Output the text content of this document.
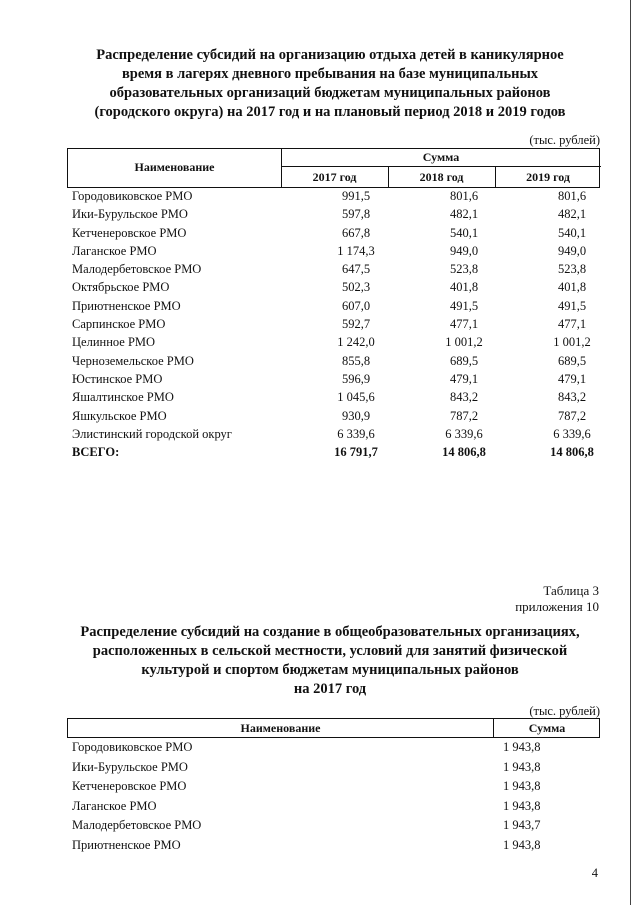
Распределение субсидий на организацию отдыха детей в каникулярное
время в лагерях дневного пребывания на базе муниципальных
образовательных организаций бюджетам муниципальных районов
(городского округа) на 2017 год и на плановый период 2018 и 2019 годов
(тыс. рублей)
Наименование
Сумма
2017 год	2018 год	2019 год
Городовиковское РМО	991,5	801,6	801,6
Ики-Бурульское РМО	597,8	482,1	482,1
Кетченеровское РМО	667,8	540,1	540,1
Лаганское РМО	1 174,3	949,0	949,0
Малодербетовское РМО	647,5	523,8	523,8
Октябрьское РМО	502,3	401,8	401,8
Приютненское РМО	607,0	491,5	491,5
Сарпинское РМО	592,7	477,1	477,1
Целинное РМО	1 242,0	1 001,2	1 001,2
Черноземельское РМО	855,8	689,5	689,5
Юстинское РМО	596,9	479,1	479,1
Яшалтинское РМО	1 045,6	843,2	843,2
Яшкульское РМО	930,9	787,2	787,2
Элистинский городской округ	6 339,6	6 339,6	6 339,6
ВСЕГО:	16 791,7	14 806,8	14 806,8
Таблица 3
приложения 10
Распределение субсидий на создание в общеобразовательных организациях,
расположенных в сельской местности, условий для занятий физической
культурой и спортом бюджетам муниципальных районов
на 2017 год
(тыс. рублей)
Наименование	Сумма
Городовиковское РМО	1 943,8
Ики-Бурульское РМО	1 943,8
Кетченеровское РМО	1 943,8
Лаганское РМО	1 943,8
Малодербетовское РМО	1 943,7
Приютненское РМО	1 943,8
4
